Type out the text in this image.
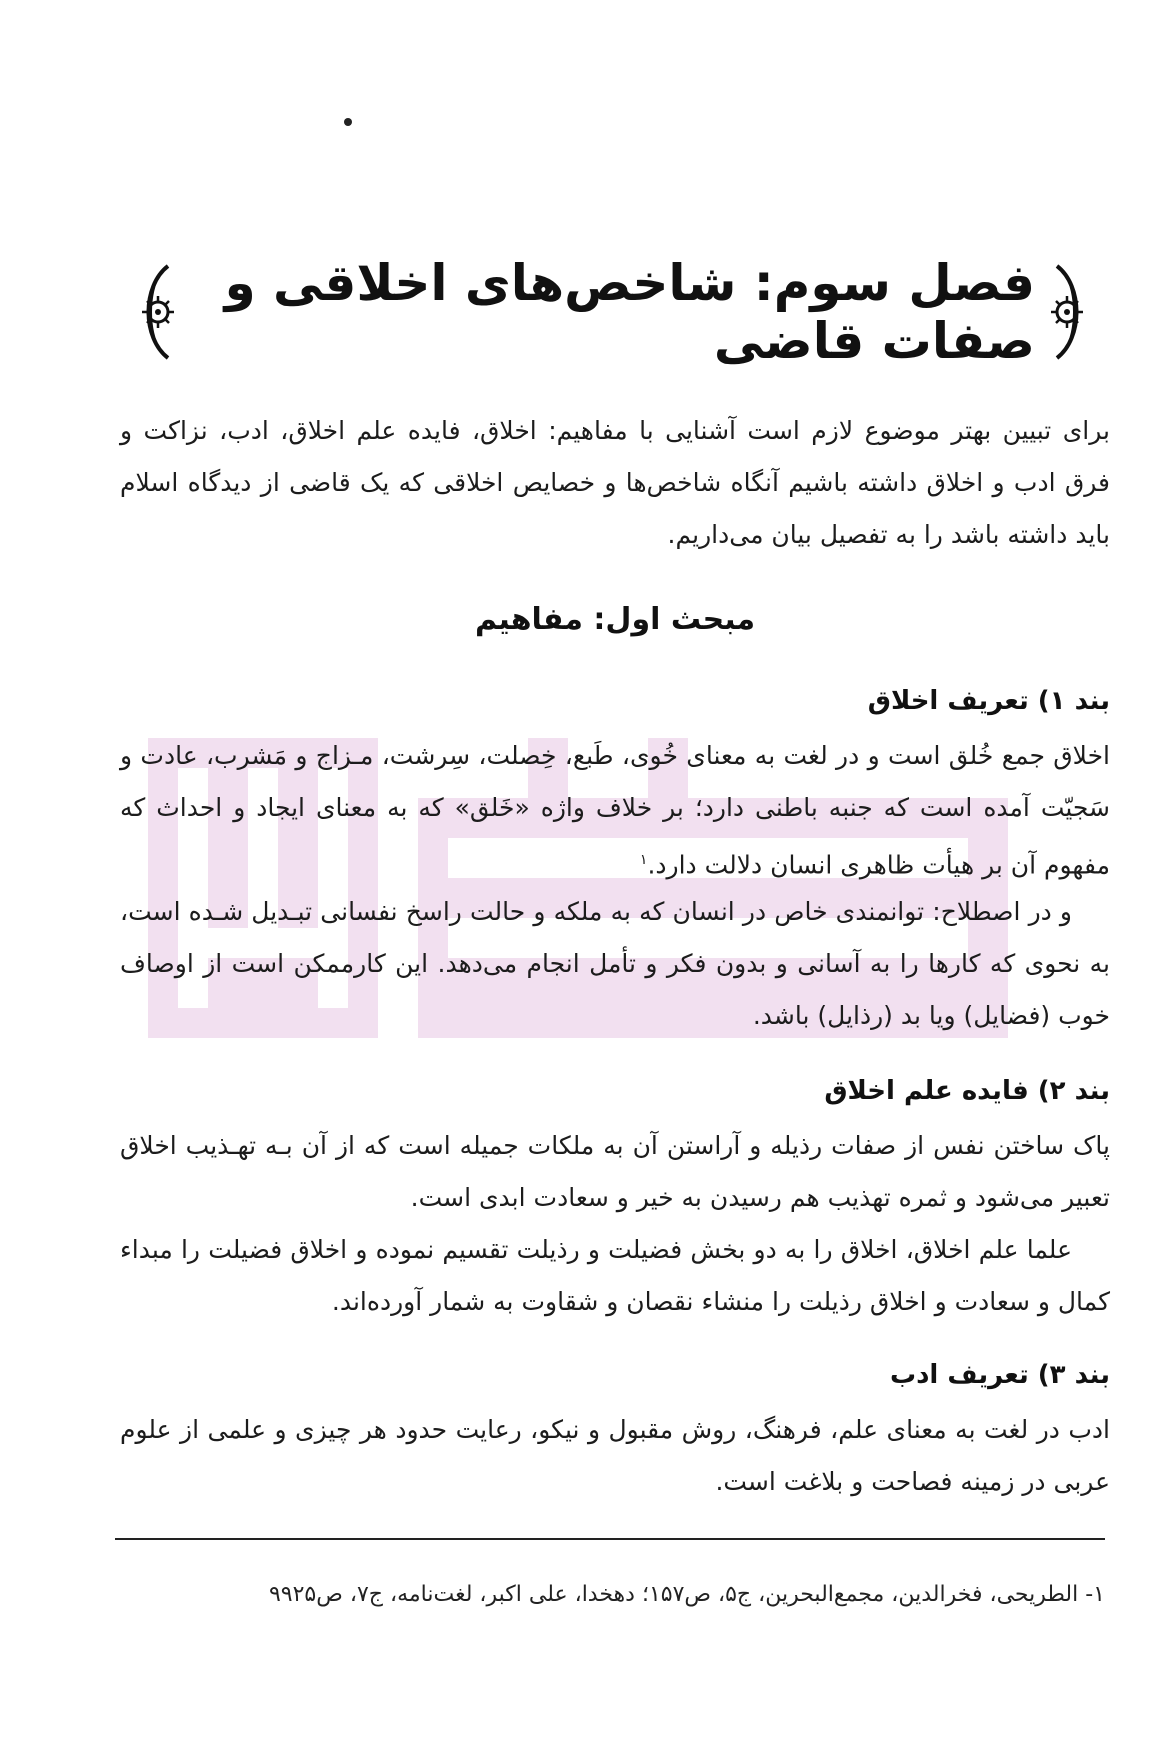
فصل سوم: شاخص‌های اخلاقی و صفات قاضی

برای تبیین بهتر موضوع لازم است آشنایی با مفاهیم: اخلاق، فایده علم اخلاق، ادب، نزاکت و فرق ادب و اخلاق داشته باشیم آنگاه شاخص‌ها و خصایص اخلاقی که یک قاضی از دیدگاه اسلام باید داشته باشد را به تفصیل بیان می‌داریم.

مبحث اول: مفاهیم
بند ۱) تعریف اخلاق

اخلاق جمع خُلق است و در لغت به معنای خُوی، طَبع، خِصلت، سِرشت، مـزاج و مَشرب، عادت و سَجیّت آمده است که جنبه باطنی دارد؛ بر خلاف واژه «خَلق» که به معنای ایجاد و احداث که مفهوم آن بر هیأت ظاهری انسان دلالت دارد.$^۱$

و در اصطلاح: توانمندی خاص در انسان که به ملکه و حالت راسخ نفسانی تبـدیل شـده است، به نحوی که کارها را به آسانی و بدون فکر و تأمل انجام می‌دهد. این کارممکن است از اوصاف خوب (فضایل) ویا بد (رذایل) باشد.

بند ۲) فایده علم اخلاق

پاک ساختن نفس از صفات رذیله و آراستن آن به ملکات جمیله است که از آن بـه تهـذیب اخلاق تعبیر می‌شود و ثمره تهذیب هم رسیدن به خیر و سعادت ابدی است.

علما علم اخلاق، اخلاق را به دو بخش فضیلت و رذیلت تقسیم نموده و اخلاق فضیلت را مبداء کمال و سعادت و اخلاق رذیلت را منشاء نقصان و شقاوت به شمار آورده‌اند.

بند ۳) تعریف ادب

ادب در لغت به معنای علم، فرهنگ، روش مقبول و نیکو، رعایت حدود هر چیزی و علمی از علوم عربی در زمینه فصاحت و بلاغت است.

۱- الطریحی، فخرالدین، مجمع‌البحرین، ج۵، ص۱۵۷؛ دهخدا، علی اکبر، لغت‌نامه، ج۷، ص۹۹۲۵
